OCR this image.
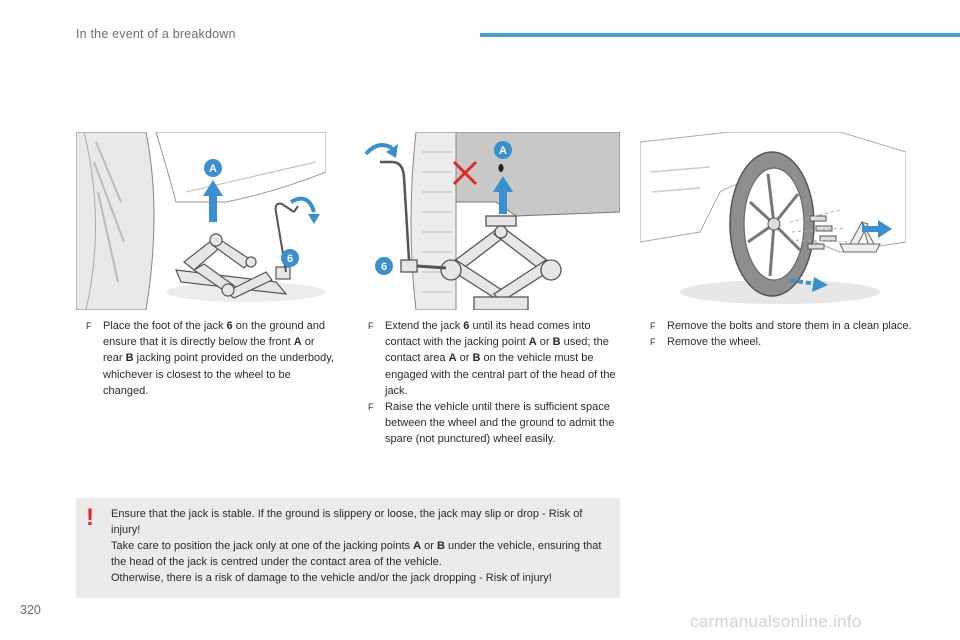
In the event of a breakdown
A
6
A
6
F Place the foot of the jack 6 on the ground and ensure that it is directly below the front A or rear B jacking point provided on the underbody, whichever is closest to the wheel to be changed.
F Extend the jack 6 until its head comes into contact with the jacking point A or B used; the contact area A or B on the vehicle must be engaged with the central part of the head of the jack.
F Raise the vehicle until there is sufficient space between the wheel and the ground to admit the spare (not punctured) wheel easily.
F Remove the bolts and store them in a clean place.
F Remove the wheel.
! Ensure that the jack is stable. If the ground is slippery or loose, the jack may slip or drop - Risk of injury!

Take care to position the jack only at one of the jacking points A or B under the vehicle, ensuring that the head of the jack is centred under the contact area of the vehicle.

Otherwise, there is a risk of damage to the vehicle and/or the jack dropping - Risk of injury!

320
carmanualsonline.info
